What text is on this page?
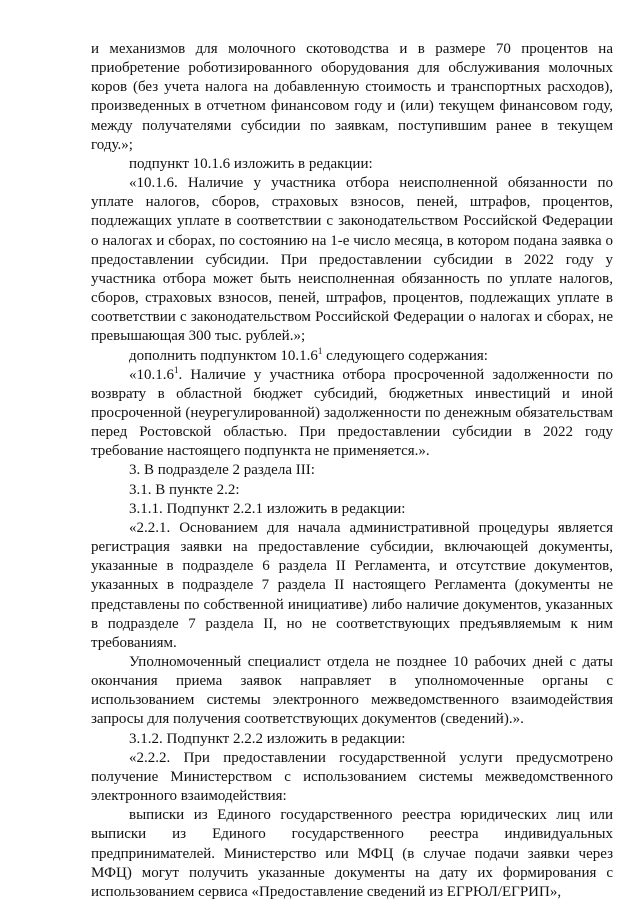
и механизмов для молочного скотоводства и в размере 70 процентов на приобретение роботизированного оборудования для обслуживания молочных коров (без учета налога на добавленную стоимость и транспортных расходов), произведенных в отчетном финансовом году и (или) текущем финансовом году, между получателями субсидии по заявкам, поступившим ранее в текущем году.»;

подпункт 10.1.6 изложить в редакции:

«10.1.6. Наличие у участника отбора неисполненной обязанности по уплате налогов, сборов, страховых взносов, пеней, штрафов, процентов, подлежащих уплате в соответствии с законодательством Российской Федерации о налогах и сборах, по состоянию на 1-е число месяца, в котором подана заявка о предоставлении субсидии. При предоставлении субсидии в 2022 году у участника отбора может быть неисполненная обязанность по уплате налогов, сборов, страховых взносов, пеней, штрафов, процентов, подлежащих уплате в соответствии с законодательством Российской Федерации о налогах и сборах, не превышающая 300 тыс. рублей.»;

дополнить подпунктом 10.1.6$^1$ следующего содержания:

«10.1.6$^1$. Наличие у участника отбора просроченной задолженности по возврату в областной бюджет субсидий, бюджетных инвестиций и иной просроченной (неурегулированной) задолженности по денежным обязательствам перед Ростовской областью. При предоставлении субсидии в 2022 году требование настоящего подпункта не применяется.».

3. В подразделе 2 раздела III:

3.1. В пункте 2.2:

3.1.1. Подпункт 2.2.1 изложить в редакции:

«2.2.1. Основанием для начала административной процедуры является регистрация заявки на предоставление субсидии, включающей документы, указанные в подразделе 6 раздела II Регламента, и отсутствие документов, указанных в подразделе 7 раздела II настоящего Регламента (документы не представлены по собственной инициативе) либо наличие документов, указанных в подразделе 7 раздела II, но не соответствующих предъявляемым к ним требованиям.

Уполномоченный специалист отдела не позднее 10 рабочих дней с даты окончания приема заявок направляет в уполномоченные органы с использованием системы электронного межведомственного взаимодействия запросы для получения соответствующих документов (сведений).».

3.1.2. Подпункт 2.2.2 изложить в редакции:

«2.2.2. При предоставлении государственной услуги предусмотрено получение Министерством с использованием системы межведомственного электронного взаимодействия:

выписки из Единого государственного реестра юридических лиц или выписки из Единого государственного реестра индивидуальных предпринимателей. Министерство или МФЦ (в случае подачи заявки через МФЦ) могут получить указанные документы на дату их формирования с использованием сервиса «Предоставление сведений из ЕГРЮЛ/ЕГРИП»,
